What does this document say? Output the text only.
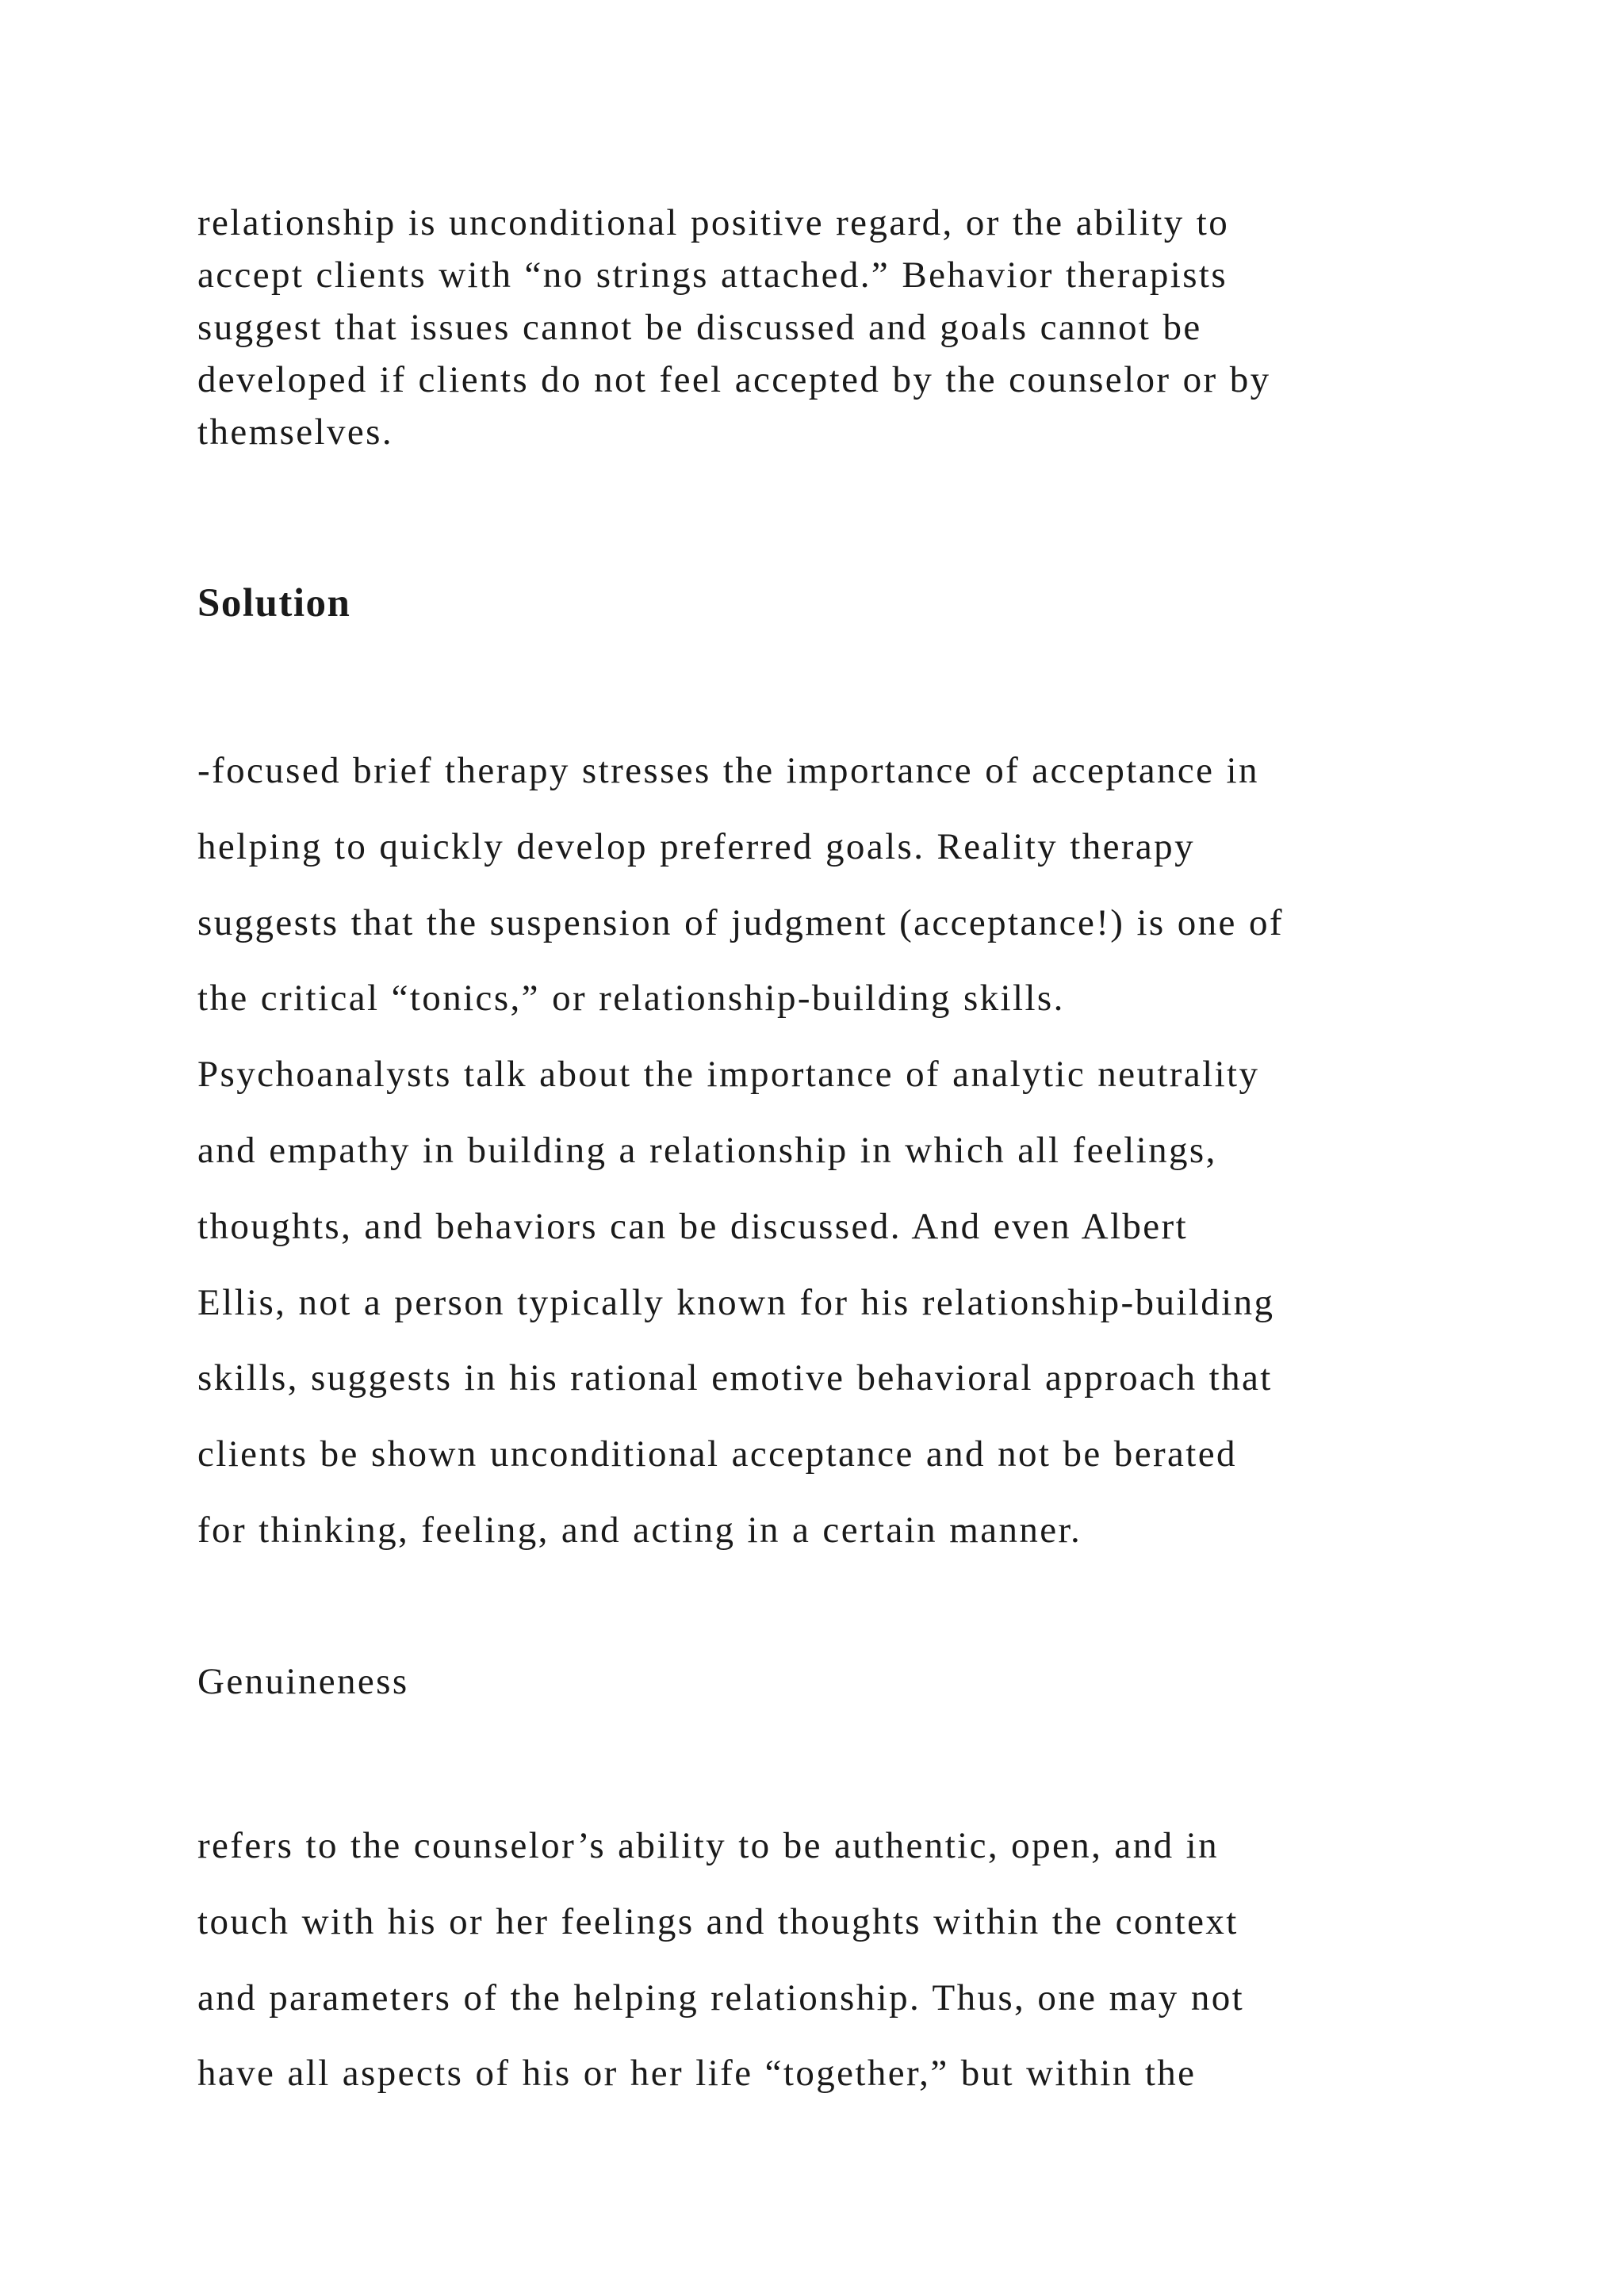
relationship is unconditional positive regard, or the ability to
accept clients with “no strings attached.” Behavior therapists
suggest that issues cannot be discussed and goals cannot be
developed if clients do not feel accepted by the counselor or by
themselves.

Solution

-focused brief therapy stresses the importance of acceptance in
helping to quickly develop preferred goals. Reality therapy
suggests that the suspension of judgment (acceptance!) is one of
the critical “tonics,” or relationship-building skills.
Psychoanalysts talk about the importance of analytic neutrality
and empathy in building a relationship in which all feelings,
thoughts, and behaviors can be discussed. And even Albert
Ellis, not a person typically known for his relationship-building
skills, suggests in his rational emotive behavioral approach that
clients be shown unconditional acceptance and not be berated
for thinking, feeling, and acting in a certain manner.

Genuineness

refers to the counselor’s ability to be authentic, open, and in
touch with his or her feelings and thoughts within the context
and parameters of the helping relationship. Thus, one may not
have all aspects of his or her life “together,” but within the
